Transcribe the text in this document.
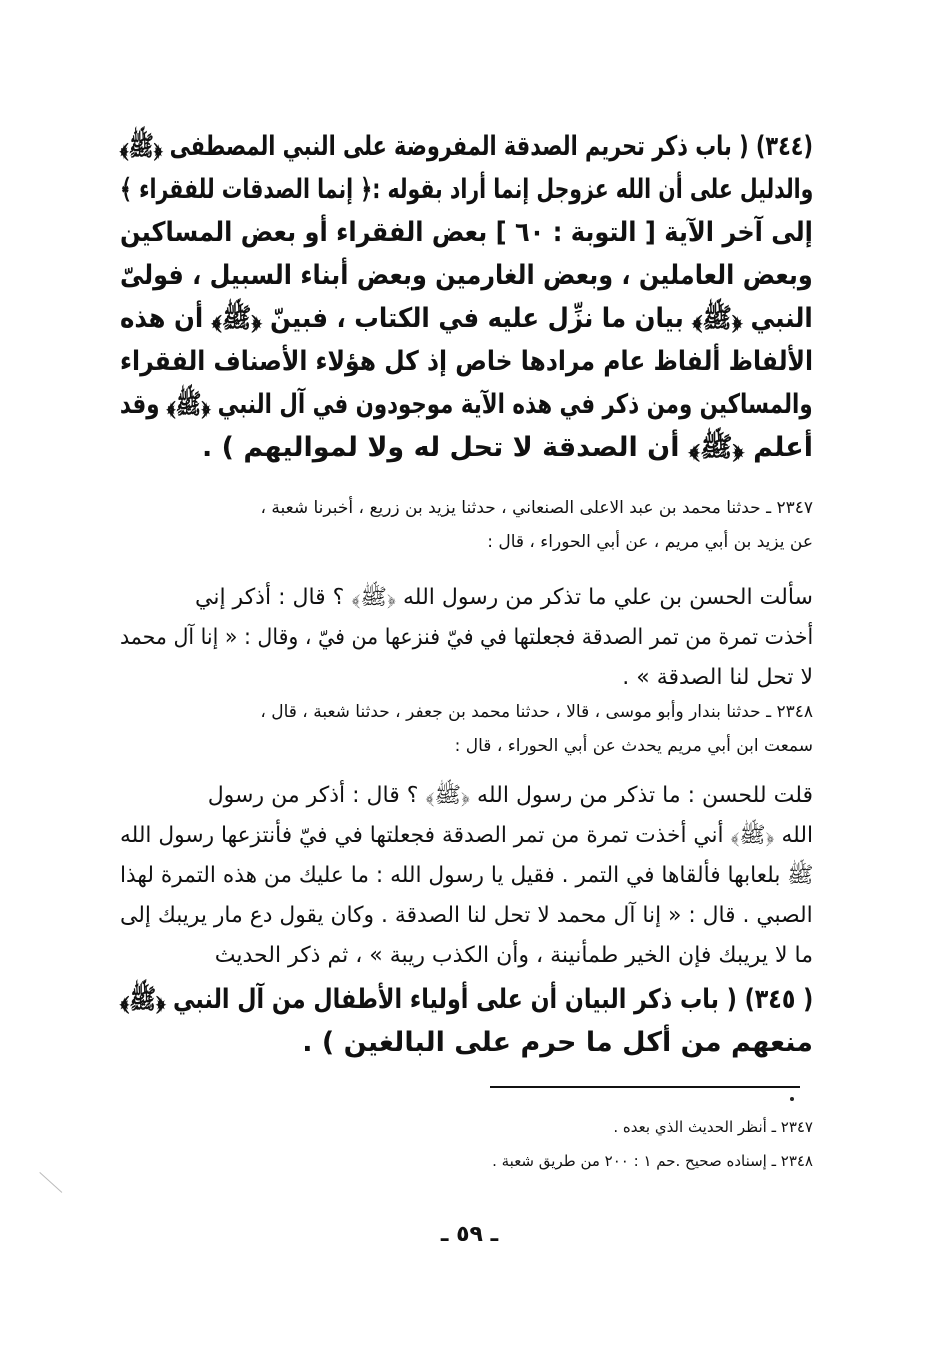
(٣٤٤) ( باب ذكر تحريم الصدقة المفروضة على النبي المصطفى ﴿ﷺ﴾
والدليل على أن الله عزوجل إنما أراد بقوله :﴿ إنما الصدقات للفقراء ﴾
إلى آخر الآية [ التوبة : ٦٠ ] بعض الفقراء أو بعض المساكين
وبعض العاملين ، وبعض الغارمين وبعض أبناء السبيل ، فولىّ
النبي ﴿ﷺ﴾ بيان ما نزِّل عليه في الكتاب ، فبينّ ﴿ﷺ﴾ أن هذه
الألفاظ ألفاظ عام مرادها خاص إذ كل هؤلاء الأصناف الفقراء
والمساكين ومن ذكر في هذه الآية موجودون في آل النبي ﴿ﷺ﴾ وقد
أعلم ﴿ﷺ﴾ أن الصدقة لا تحل له ولا لمواليهم ) .
٢٣٤٧ ـ حدثنا محمد بن عبد الاعلى الصنعاني ، حدثنا يزيد بن زريع ، أخبرنا شعبة ،
عن يزيد بن أبي مريم ، عن أبي الحوراء ، قال :
سألت الحسن بن علي ما تذكر من رسول الله ﴿ﷺ﴾ ؟ قال : أذكر إني
أخذت تمرة من تمر الصدقة فجعلتها في فيّ فنزعها من فيّ ، وقال : « إنا آل محمد
لا تحل لنا الصدقة » .
٢٣٤٨ ـ حدثنا بندار وأبو موسى ، قالا ، حدثنا محمد بن جعفر ، حدثنا شعبة ، قال ،
سمعت ابن أبي مريم يحدث عن أبي الحوراء ، قال :
قلت للحسن : ما تذكر من رسول الله ﴿ﷺ﴾ ؟ قال : أذكر من رسول
الله ﴿ﷺ﴾ أني أخذت تمرة من تمر الصدقة فجعلتها في فيّ فأنتزعها رسول الله
ﷺ بلعابها فألقاها في التمر . فقيل يا رسول الله : ما عليك من هذه التمرة لهذا
الصبي . قال : « إنا آل محمد لا تحل لنا الصدقة . وكان يقول دع مار يريبك إلى
ما لا يريبك فإن الخير طمأنينة ، وأن الكذب ريبة » ، ثم ذكر الحديث
( ٣٤٥) ( باب ذكر البيان أن على أولياء الأطفال من آل النبي ﴿ﷺ﴾
منعهم من أكل ما حرم على البالغين ) .
٢٣٤٧ ـ أنظر الحديث الذي بعده .
٢٣٤٨ ـ إسناده صحيح .حم ١ : ٢٠٠ من طريق شعبة .
ـ ٥٩ ـ
